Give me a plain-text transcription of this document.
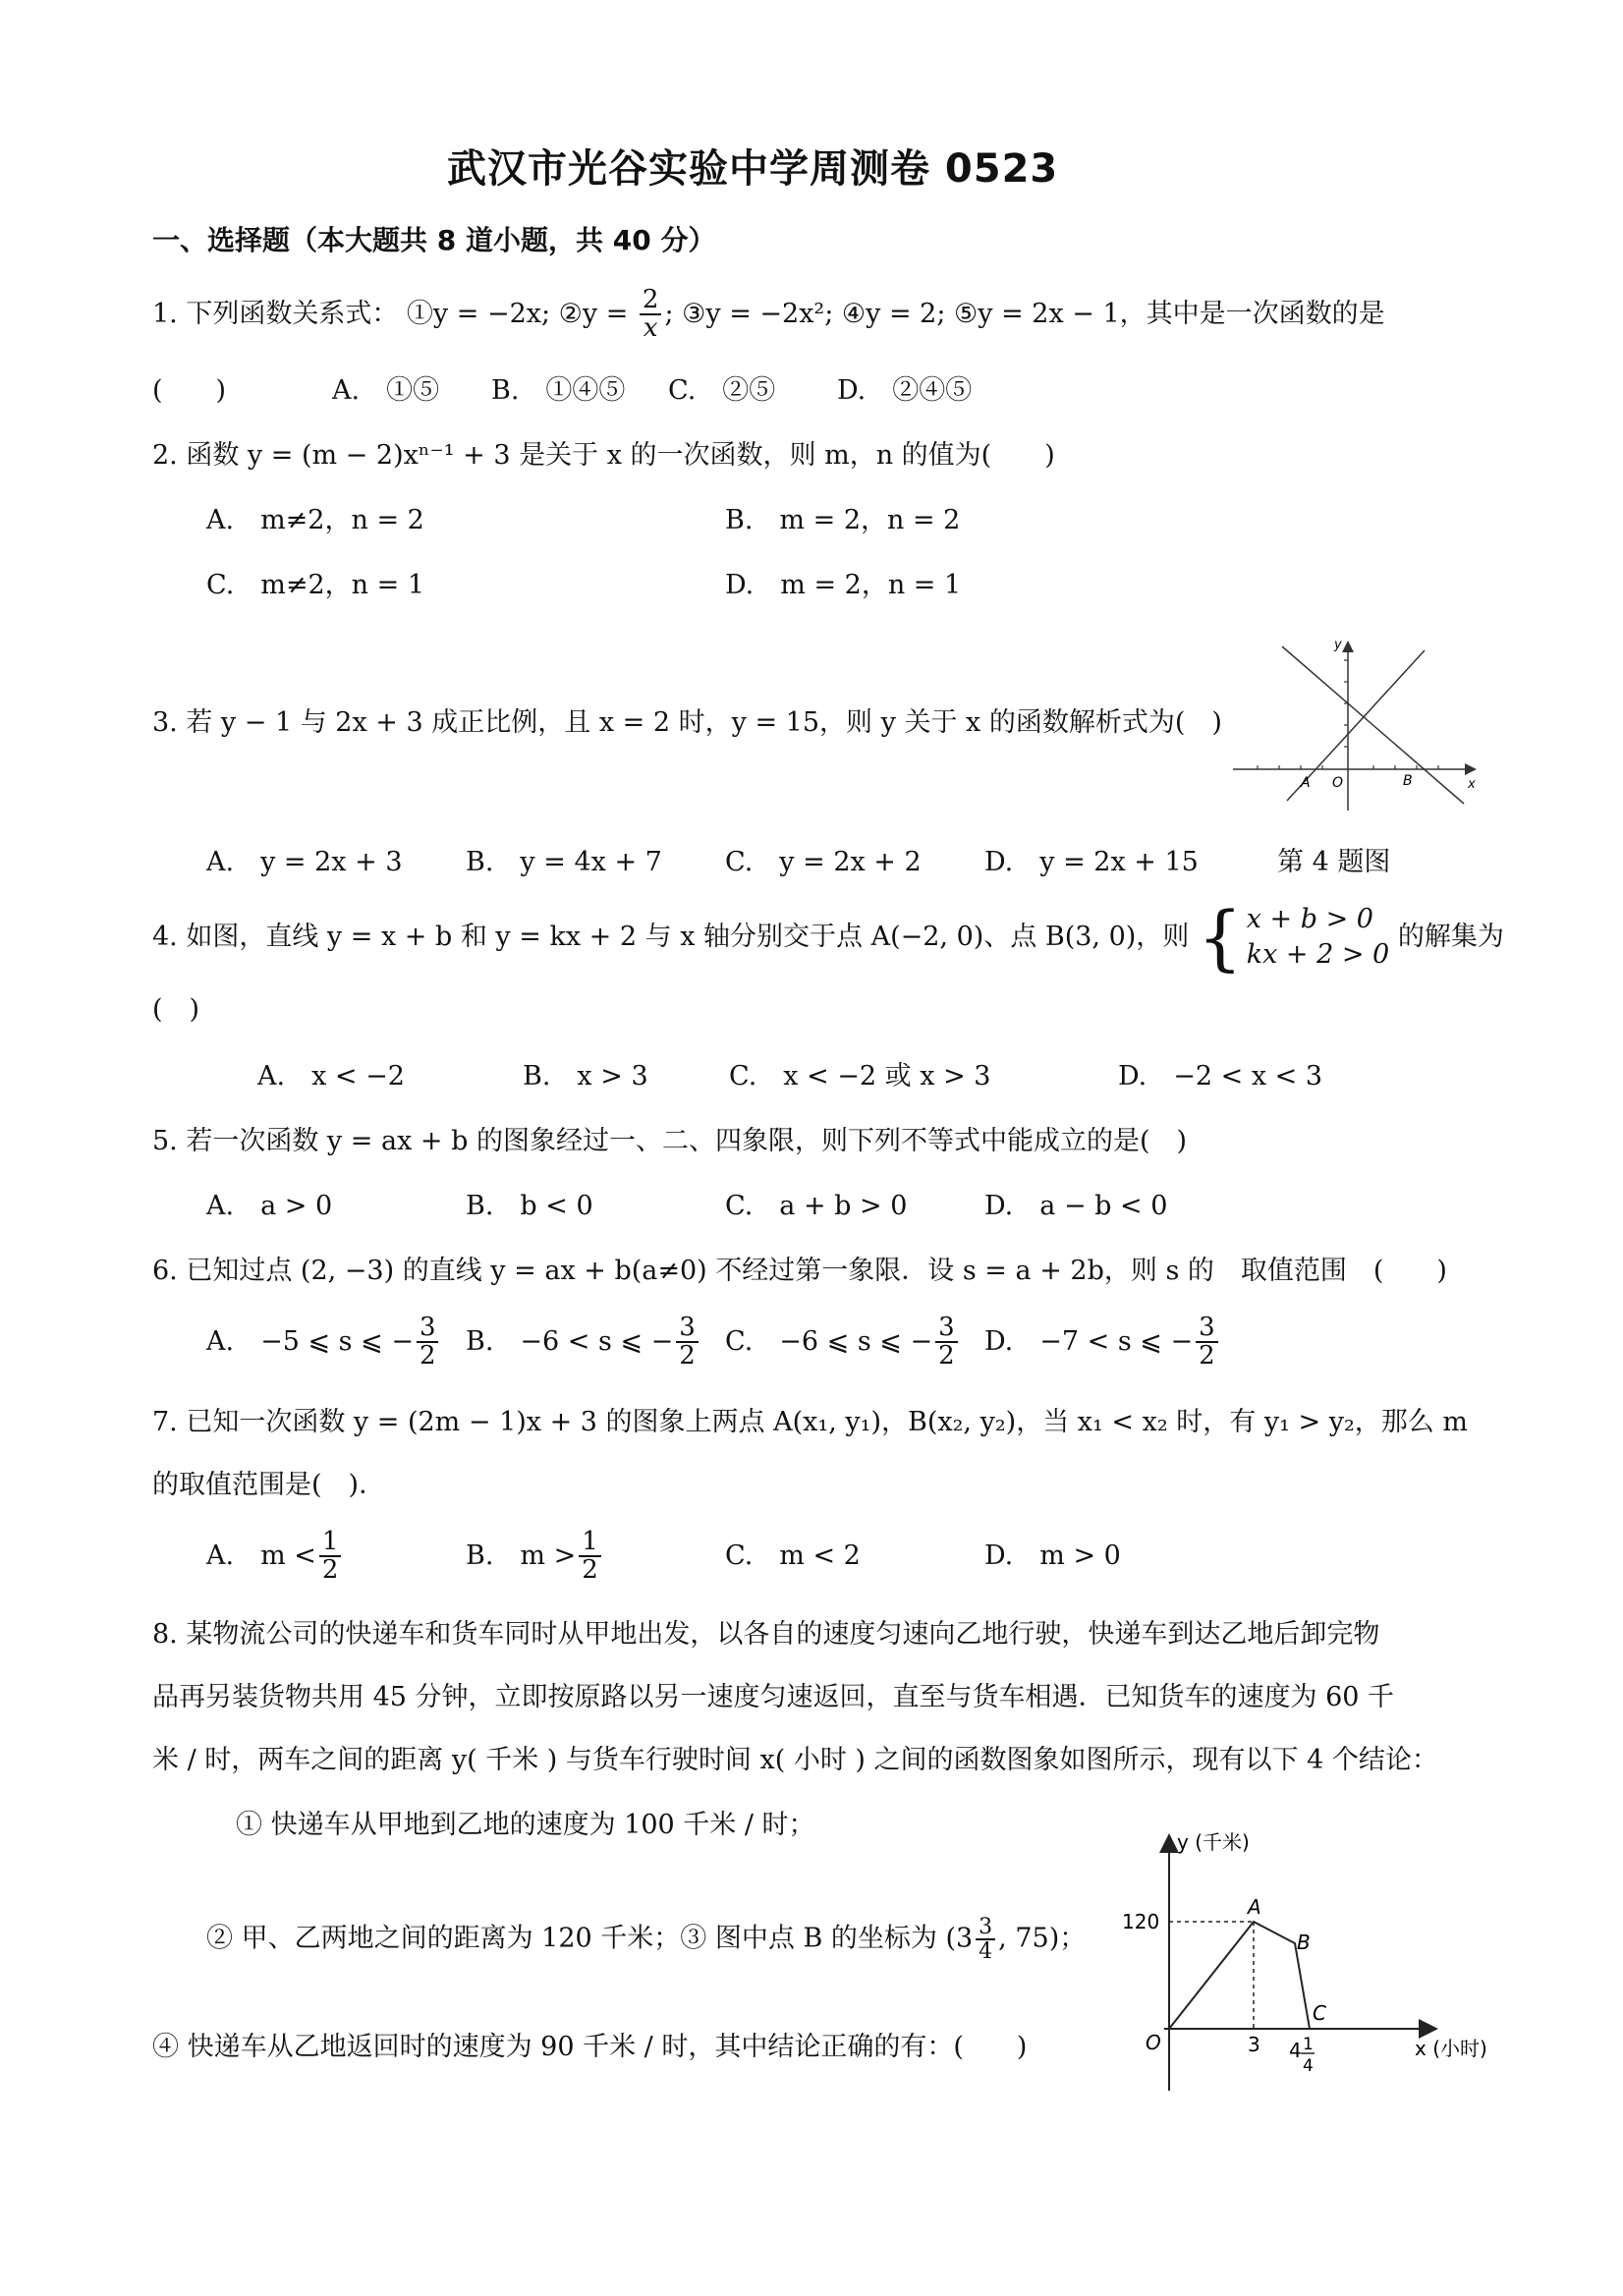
武汉市光谷实验中学周测卷 0523
一、选择题（本大题共 8 道小题，共 40 分）
1. 下列函数关系式： ①y = −2x; ②y = $\frac{2}{x}$ ; ③y = −2x²; ④y = 2; ⑤y = 2x − 1，其中是一次函数的是
(　　)	A.　①⑤ B.　①④⑤ C.　②⑤ D.　②④⑤
2. 函数 y = (m − 2)xⁿ⁻¹ + 3 是关于 x 的一次函数，则 m，n 的值为(　　)
A.　m≠2，n = 2	B.　m = 2，n = 2
C.　m≠2，n = 1	D.　m = 2，n = 1
3. 若 y − 1 与 2x + 3 成正比例，且 x = 2 时，y = 15，则 y 关于 x 的函数解析式为(　)
A.　y = 2x + 3 B.　y = 4x + 7 C.　y = 2x + 2 D.　y = 2x + 15
y
x
A O	B
第 4 题图
4. 如图，直线 y = x + b 和 y = kx + 2 与 x 轴分别交于点 A(−2, 0)、点 B(3, 0)，则 { x + b > 0
kx + 2 > 0
的解集为
(　)
A.　x < −2	B.　x > 3	C.　x < −2 或 x > 3	D.　−2 < x < 3
5. 若一次函数 y = ax + b 的图象经过一、二、四象限，则下列不等式中能成立的是(　)
A.　a > 0	B.　b < 0	C.　a + b > 0	D.　a − b < 0
6. 已知过点 (2, −3) 的直线 y = ax + b(a≠0) 不经过第一象限．设 s = a + 2b，则 s 的　取值范围　(　　)
A.　−5 ⩽ s ⩽ − $\frac{3}{2} B$.　−6 < s ⩽ − $\frac{3}{2} C$.　−6 ⩽ s ⩽ − $\frac{3}{2} D$.　−7 < s ⩽ − $\frac{3}{2}$
7. 已知一次函数 y = (2m − 1)x + 3 的图象上两点 A(x₁, y₁)，B(x₂, y₂)，当 x₁ < x₂ 时，有 y₁ > y₂，那么 m
的取值范围是(　)．
A.　$m < \frac{1}{2}$	B.　$m > \frac{1}{2}$	C.　m < 2	D.　m > 0
8. 某物流公司的快递车和货车同时从甲地出发，以各自的速度匀速向乙地行驶，快递车到达乙地后卸完物
品再另装货物共用 45 分钟，立即按原路以另一速度匀速返回，直至与货车相遇．已知货车的速度为 60 千
米 / 时，两车之间的距离 y( 千米 ) 与货车行驶时间 x( 小时 ) 之间的函数图象如图所示，现有以下 4 个结论：
① 快递车从甲地到乙地的速度为 100 千米 / 时；
② 甲、乙两地之间的距离为 120 千米；③ 图中点 B 的坐标为 ($3 \frac{3}{4}$ , 75)；
④ 快递车从乙地返回时的速度为 90 千米 / 时，其中结论正确的有：(　　)
y (千米)
x (小时)
120
A
B
C
O	3 4 1
4
